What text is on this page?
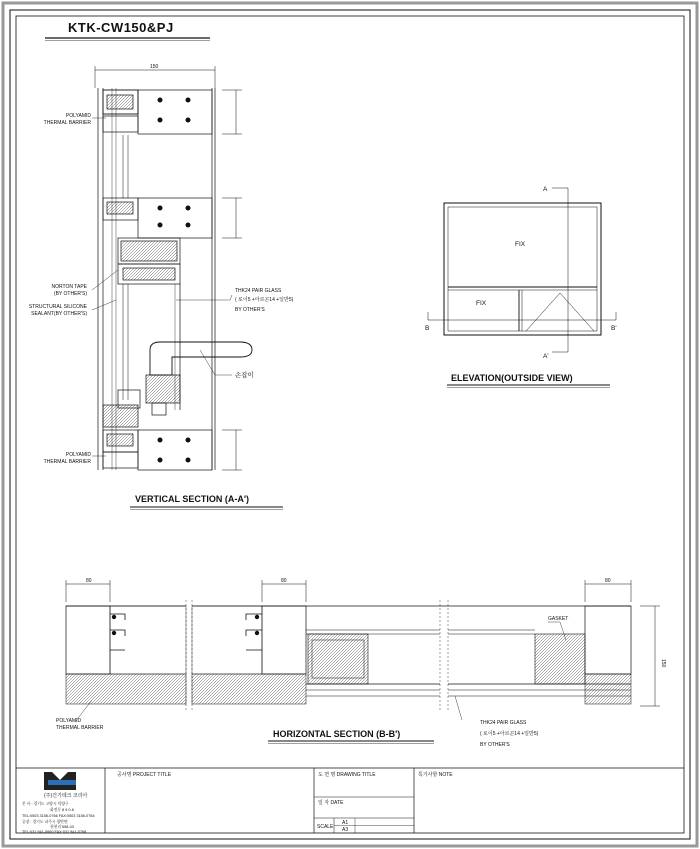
KTK-CW150&PJ
150
POLYAMID
THERMAL BARRIER
NORTON TAPE
(BY OTHER'S)
STRUCTURAL SILICONE
SEALANT(BY OTHER'S)
POLYAMID
THERMAL BARRIER
THK24 PAIR GLASS
( 로이5 +아르곤14 +일반5)
BY OTHER'S
손잡이
VERTICAL SECTION (A-A')
FIX
FIX
A
A'
B	B'
ELEVATION(OUTSIDE VIEW)
80	80	80
150
GASKET
POLYAMID
THERMAL BARRIER
THK24 PAIR GLASS
( 로이5 +아르곤14 +일반5)
BY OTHER'S
HORIZONTAL SECTION (B-B')
(주)건기테크 코리아
본 사 : 경기도 고양시 덕양구
화정동 8 9 0-6
TEL:0503 3156-0766 FAX:0503 3156-0764
공장 : 경기도 파주시 광탄면
천현리 558-43
TEL:031 941-0660 FAX:031 941-0768
공사명 PROJECT TITLE	도 면 명 DRAWING TITLE	특기사항 NOTE
일 자 DATE
SCALE
A1
A3
